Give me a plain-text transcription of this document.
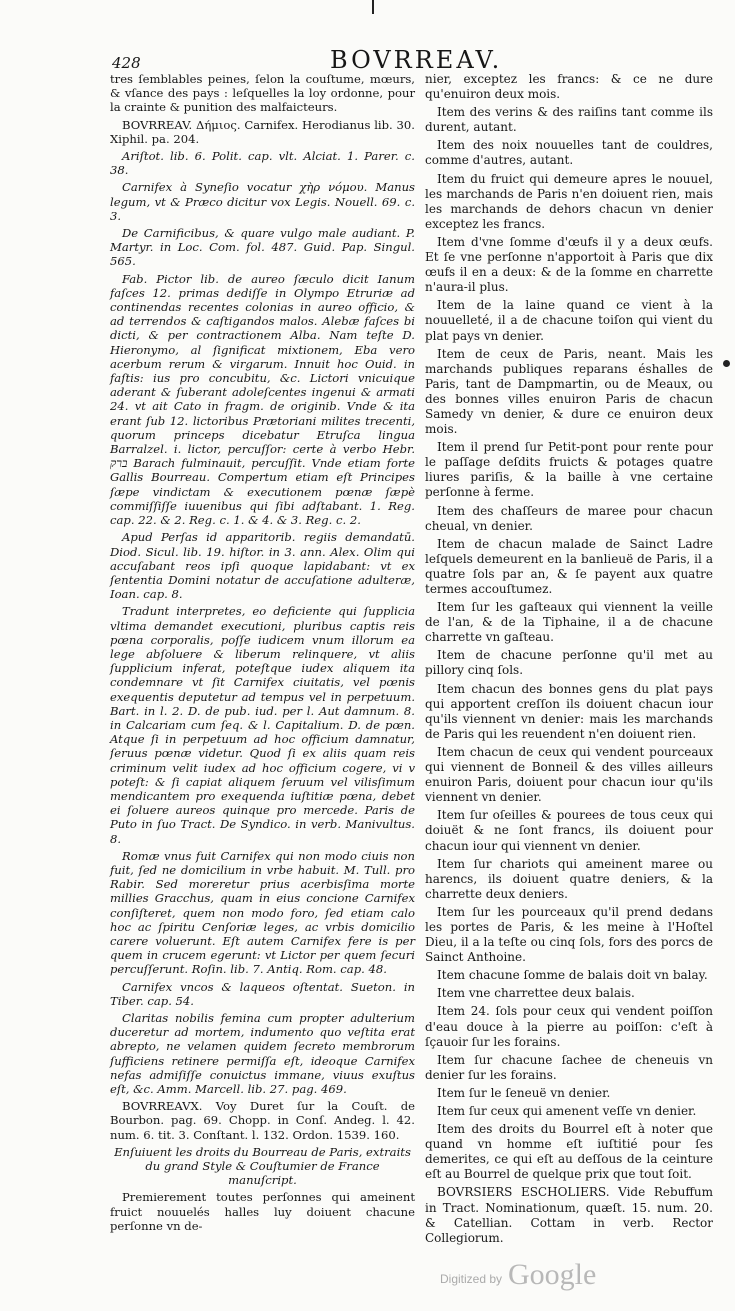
428	BOVRREAV.

tres ſemblables peines, ſelon la couſtume, mœurs, & vſance des pays : leſquelles la loy ordonne, pour la crainte & punition des malfaicteurs.

BOVRREAV. Δήμιος. Carnifex. Herodianus lib. 30. Xiphil. pa. 204.

Ariſtot. lib. 6. Polit. cap. vlt. Alciat. 1. Parer. c. 38.

Carnifex à Syneſio vocatur χὴρ νόμου. Manus legum, vt & Præco dicitur vox Legis. Nouell. 69. c. 3.

De Carnificibus, & quare vulgo male audiant. P. Martyr. in Loc. Com. fol. 487. Guid. Pap. Singul. 565.

Fab. Pictor lib. de aureo ſæculo dicit Ianum faſces 12. primas dediſſe in Olympo Etruriæ ad continendas recentes colonias in aureo officio, & ad terrendos & caſtigandos malos. Alebæ faſces bi dicti, & per contractionem Alba. Nam teſte D. Hieronymo, al ſignificat mixtionem, Eba vero acerbum rerum & virgarum. Innuit hoc Ouid. in faſtis: ius pro concubitu, &c. Lictori vnicuique aderant & ſuberant adoleſcentes ingenui & armati 24. vt ait Cato in fragm. de originib. Vnde & ita erant ſub 12. lictoribus Prætoriani milites trecenti, quorum princeps dicebatur Etruſca lingua Barralzel. i. lictor, percuſſor: certe à verbo Hebr. ברק Barach fulminauit, percuſſit. Vnde etiam forte Gallis Bourreau. Compertum etiam eſt Principes ſæpe vindictam & executionem pœnæ ſæpè commiſſiſſe iuuenibus qui ſibi adſtabant. 1. Reg. cap. 22. & 2. Reg. c. 1. & 4. & 3. Reg. c. 2.

Apud Perſas id apparitorib. regiis demandatū. Diod. Sicul. lib. 19. hiſtor. in 3. ann. Alex. Olim qui accuſabant reos ipſi quoque lapidabant: vt ex ſententia Domini notatur de accuſatione adulteræ, Ioan. cap. 8.

Tradunt interpretes, eo deficiente qui ſupplicia vltima demandet executioni, pluribus captis reis pœna corporalis, poſſe iudicem vnum illorum ea lege abſoluere & liberum relinquere, vt aliis ſupplicium inferat, poteſtque iudex aliquem ita condemnare vt ſit Carnifex ciuitatis, vel pœnis exequentis deputetur ad tempus vel in perpetuum. Bart. in l. 2. D. de pub. iud. per l. Aut damnum. 8. in Calcariam cum ſeq. & l. Capitalium. D. de pœn. Atque ſi in perpetuum ad hoc officium damnatur, ſeruus pœnæ videtur. Quod ſi ex aliis quam reis criminum velit iudex ad hoc officium cogere, vi v poteſt: & ſi capiat aliquem ſeruum vel vilisſimum mendicantem pro exequenda iuſtitiæ pœna, debet ei ſoluere aureos quinque pro mercede. Paris de Puto in ſuo Tract. De Syndico. in verb. Manivultus. 8.

Romæ vnus fuit Carnifex qui non modo ciuis non fuit, ſed ne domicilium in vrbe habuit. M. Tull. pro Rabir. Sed moreretur prius acerbisſima morte millies Gracchus, quam in eius concione Carnifex conſiſteret, quem non modo foro, ſed etiam calo hoc ac ſpiritu Cenſoriæ leges, ac vrbis domicilio carere voluerunt. Eſt autem Carnifex fere is per quem in crucem egerunt: vt Lictor per quem ſecuri percuſſerunt. Roſin. lib. 7. Antiq. Rom. cap. 48.

Carnifex vncos & laqueos oſtentat. Sueton. in Tiber. cap. 54.

Claritas nobilis femina cum propter adulterium duceretur ad mortem, indumento quo veſtita erat abrepto, ne velamen quidem ſecreto membrorum ſufficiens retinere permiſſa eſt, ideoque Carnifex nefas admiſiſſe conuictus immane, viuus exuſtus eſt, &c. Amm. Marcell. lib. 27. pag. 469.

BOVRREAVX. Voy Duret ſur la Couſt. de Bourbon. pag. 69. Chopp. in Conſ. Andeg. l. 42. num. 6. tit. 3. Conſtant. l. 132. Ordon. 1539. 160.

Enſuiuent les droits du Bourreau de Paris, extraits du grand Style & Couſtumier de France manuſcript.

Premierement toutes perſonnes qui ameinent fruict nouuelés halles luy doiuent chacune perſonne vn de-

nier, exceptez les francs: & ce ne dure qu'enuiron deux mois.

Item des verins & des raiſins tant comme ils durent, autant.

Item des noix nouuelles tant de couldres, comme d'autres, autant.

Item du fruict qui demeure apres le nouuel, les marchands de Paris n'en doiuent rien, mais les marchands de dehors chacun vn denier exceptez les francs.

Item d'vne ſomme d'œufs il y a deux œufs. Et ſe vne perſonne n'apportoit à Paris que dix œufs il en a deux: & de la ſomme en charrette n'aura-il plus.

Item de la laine quand ce vient à la nouuelleté, il a de chacune toiſon qui vient du plat pays vn denier.

Item de ceux de Paris, neant. Mais les marchands publiques reparans éshalles de Paris, tant de Dampmartin, ou de Meaux, ou des bonnes villes enuiron Paris de chacun Samedy vn denier, & dure ce enuiron deux mois.

Item il prend ſur Petit-pont pour rente pour le paſſage deſdits fruicts & potages quatre liures pariſis, & la baille à vne certaine perſonne à ferme.

Item des chaſſeurs de maree pour chacun cheual, vn denier.

Item de chacun malade de Sainct Ladre leſquels demeurent en la banlieuë de Paris, il a quatre ſols par an, & ſe payent aux quatre termes accouſtumez.

Item ſur les gaſteaux qui viennent la veille de l'an, & de la Tiphaine, il a de chacune charrette vn gaſteau.

Item de chacune perſonne qu'il met au pillory cinq ſols.

Item chacun des bonnes gens du plat pays qui apportent creſſon ils doiuent chacun iour qu'ils viennent vn denier: mais les marchands de Paris qui les reuendent n'en doiuent rien.

Item chacun de ceux qui vendent pourceaux qui viennent de Bonneil & des villes ailleurs enuiron Paris, doiuent pour chacun iour qu'ils viennent vn denier.

Item ſur oſeilles & pourees de tous ceux qui doiuët & ne ſont francs, ils doiuent pour chacun iour qui viennent vn denier.

Item ſur chariots qui ameinent maree ou harencs, ils doiuent quatre deniers, & la charrette deux deniers.

Item ſur les pourceaux qu'il prend dedans les portes de Paris, & les meine à l'Hoſtel Dieu, il a la teſte ou cinq ſols, fors des porcs de Sainct Anthoine.

Item chacune ſomme de balais doit vn balay.

Item vne charrettee deux balais.

Item 24. ſols pour ceux qui vendent poiſſon d'eau douce à la pierre au poiſſon: c'eſt à ſçauoir ſur les forains.

Item ſur chacune ſachee de cheneuis vn denier ſur les forains.

Item ſur le ſeneuë vn denier.

Item ſur ceux qui amenent veſſe vn denier.

Item des droits du Bourrel eſt à noter que quand vn homme eſt iuſtitié pour ſes demerites, ce qui eſt au deſſous de la ceinture eſt au Bourrel de quelque prix que tout ſoit.

BOVRSIERS ESCHOLIERS. Vide Rebuffum in Tract. Nominationum, quæſt. 15. num. 20. & Catellian. Cottam in verb. Rector Collegiorum.

Digitized by Google
